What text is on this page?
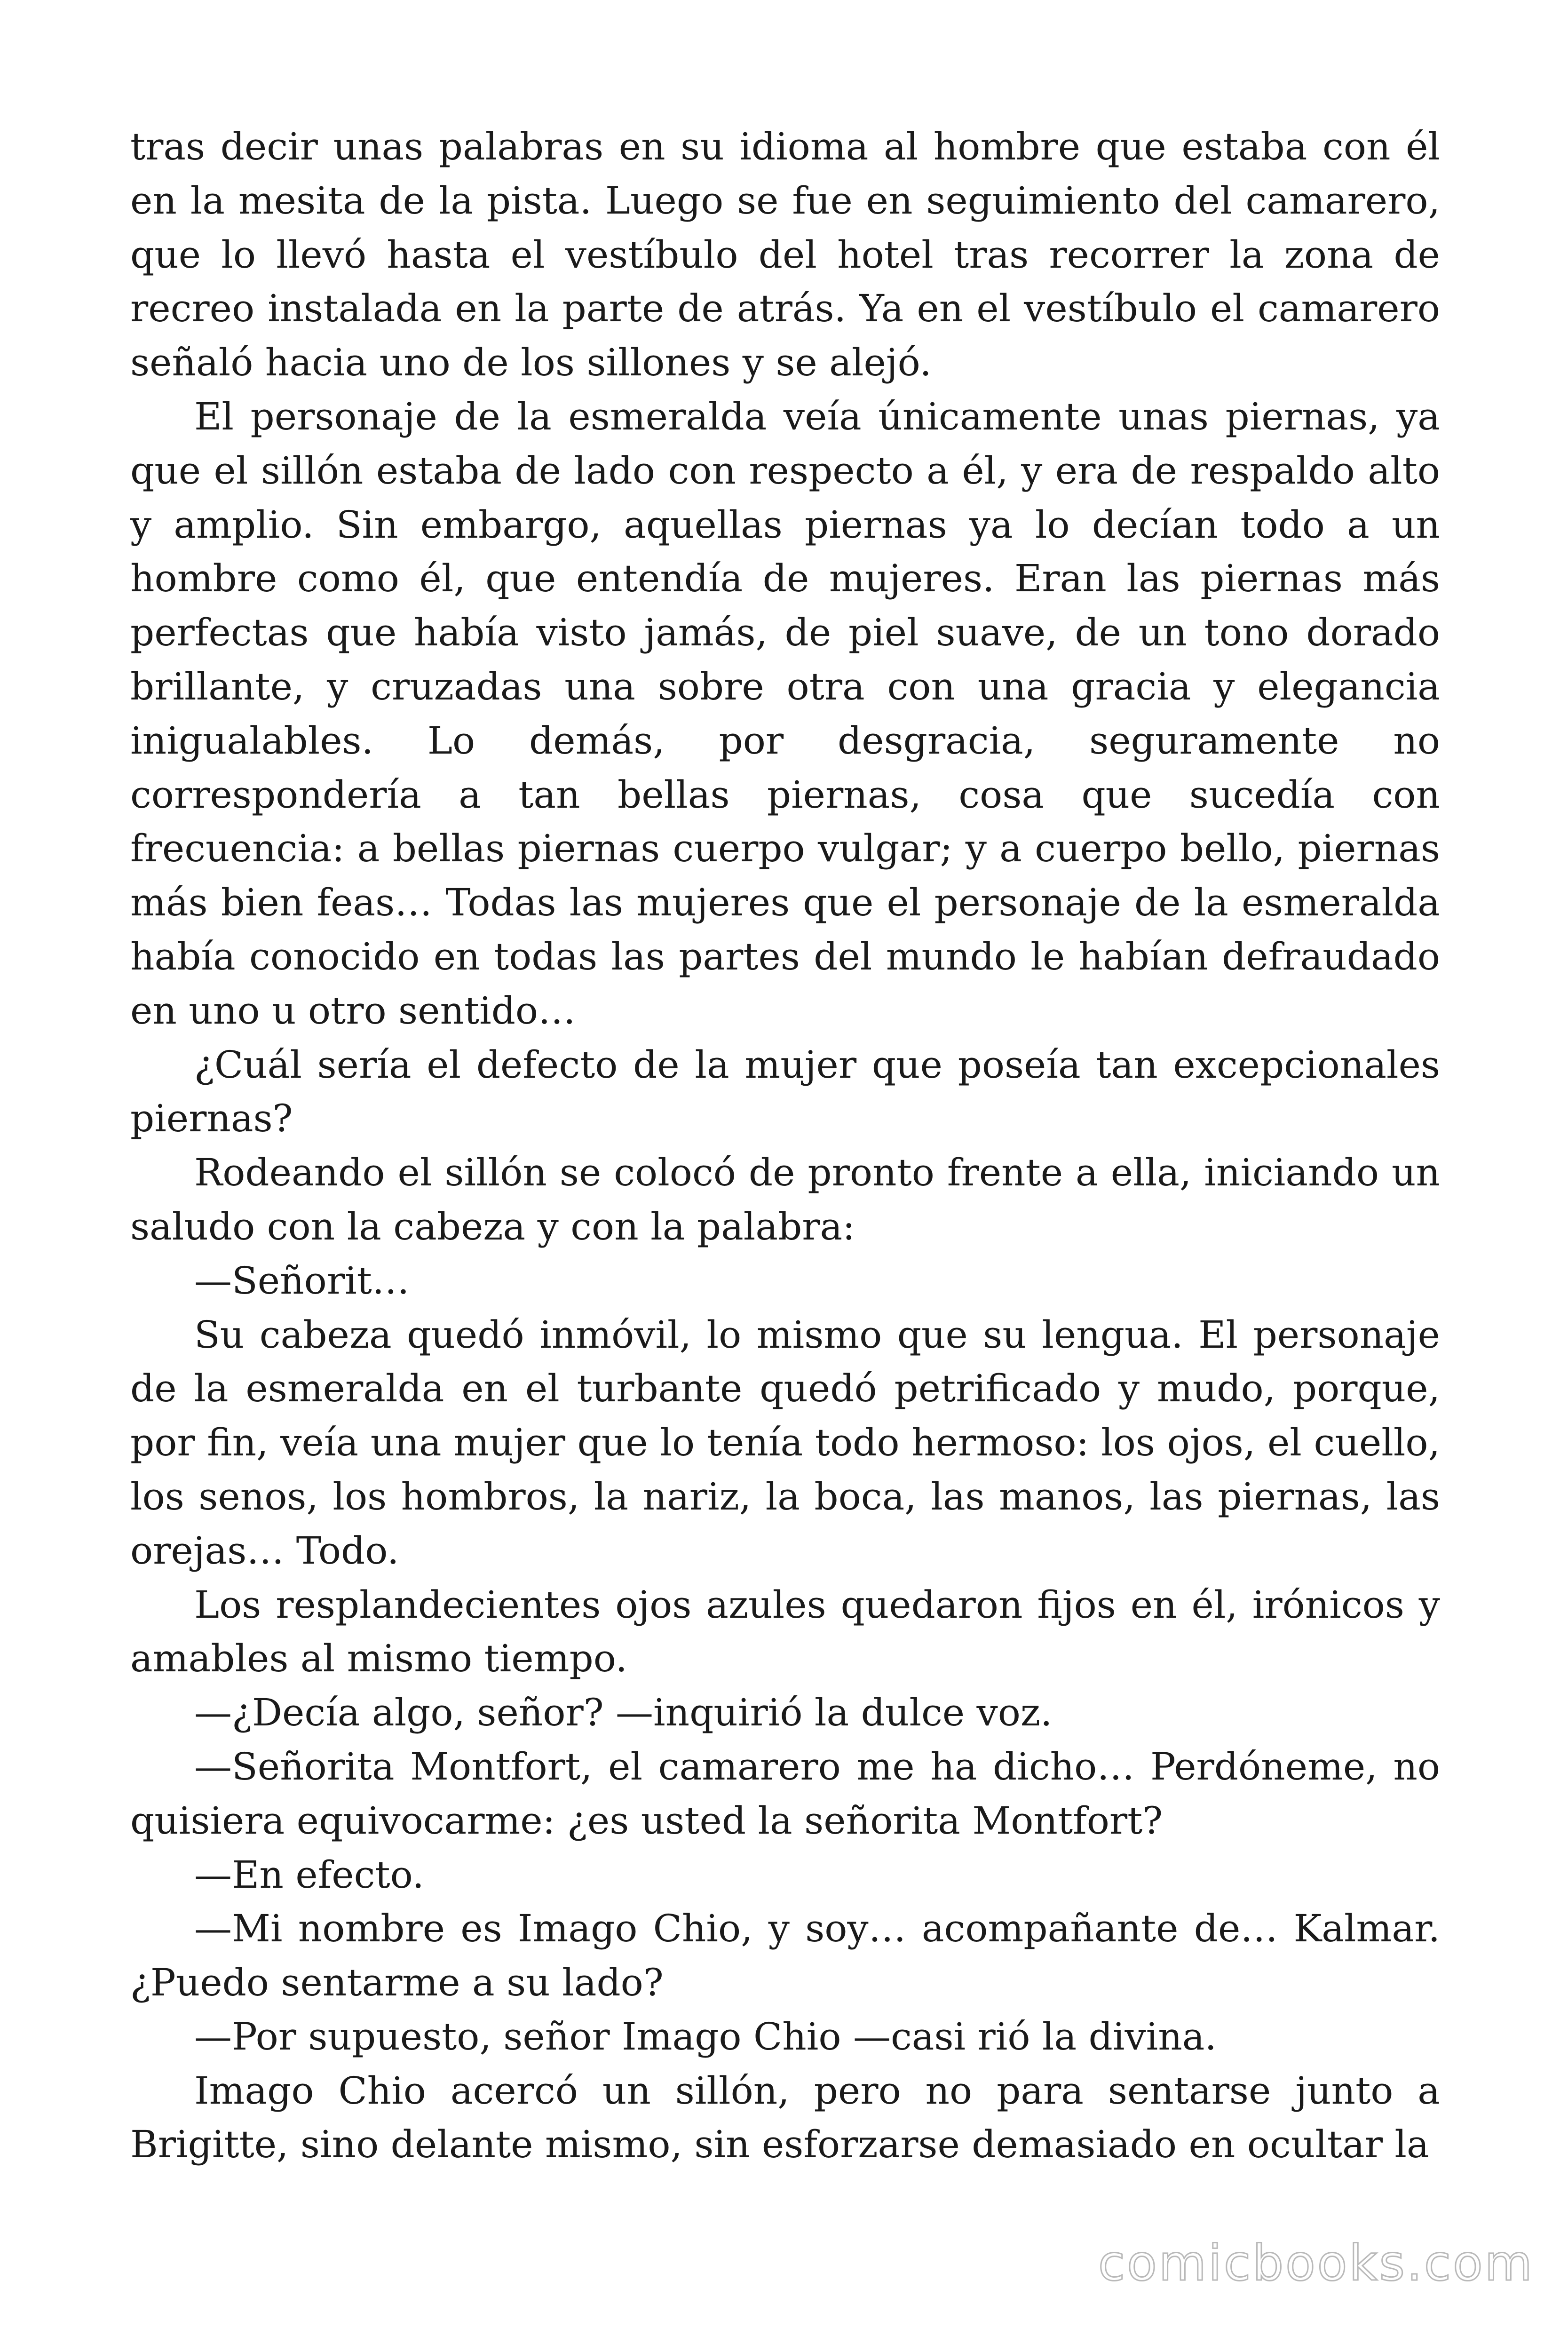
tras decir unas palabras en su idioma al hombre que estaba con él en la mesita de la pista. Luego se fue en seguimiento del camarero, que lo llevó hasta el vestíbulo del hotel tras recorrer la zona de recreo instalada en la parte de atrás. Ya en el vestíbulo el camarero señaló hacia uno de los sillones y se alejó.

El personaje de la esmeralda veía únicamente unas piernas, ya que el sillón estaba de lado con respecto a él, y era de respaldo alto y amplio. Sin embargo, aquellas piernas ya lo decían todo a un hombre como él, que entendía de mujeres. Eran las piernas más perfectas que había visto jamás, de piel suave, de un tono dorado brillante, y cruzadas una sobre otra con una gracia y elegancia inigualables. Lo demás, por desgracia, seguramente no correspondería a tan bellas piernas, cosa que sucedía con frecuencia: a bellas piernas cuerpo vulgar; y a cuerpo bello, piernas más bien feas… Todas las mujeres que el personaje de la esmeralda había conocido en todas las partes del mundo le habían defraudado en uno u otro sentido…

¿Cuál sería el defecto de la mujer que poseía tan excepcionales piernas?

Rodeando el sillón se colocó de pronto frente a ella, iniciando un saludo con la cabeza y con la palabra:

—Señorit…

Su cabeza quedó inmóvil, lo mismo que su lengua. El personaje de la esmeralda en el turbante quedó petrificado y mudo, porque, por fin, veía una mujer que lo tenía todo hermoso: los ojos, el cuello, los senos, los hombros, la nariz, la boca, las manos, las piernas, las orejas… Todo.

Los resplandecientes ojos azules quedaron fijos en él, irónicos y amables al mismo tiempo.

—¿Decía algo, señor? —inquirió la dulce voz.

—Señorita Montfort, el camarero me ha dicho… Perdóneme, no quisiera equivocarme: ¿es usted la señorita Montfort?

—En efecto.

—Mi nombre es Imago Chio, y soy… acompañante de… Kalmar. ¿Puedo sentarme a su lado?

—Por supuesto, señor Imago Chio —casi rió la divina.

Imago Chio acercó un sillón, pero no para sentarse junto a Brigitte, sino delante mismo, sin esforzarse demasiado en ocultar la

comicbooks.com
